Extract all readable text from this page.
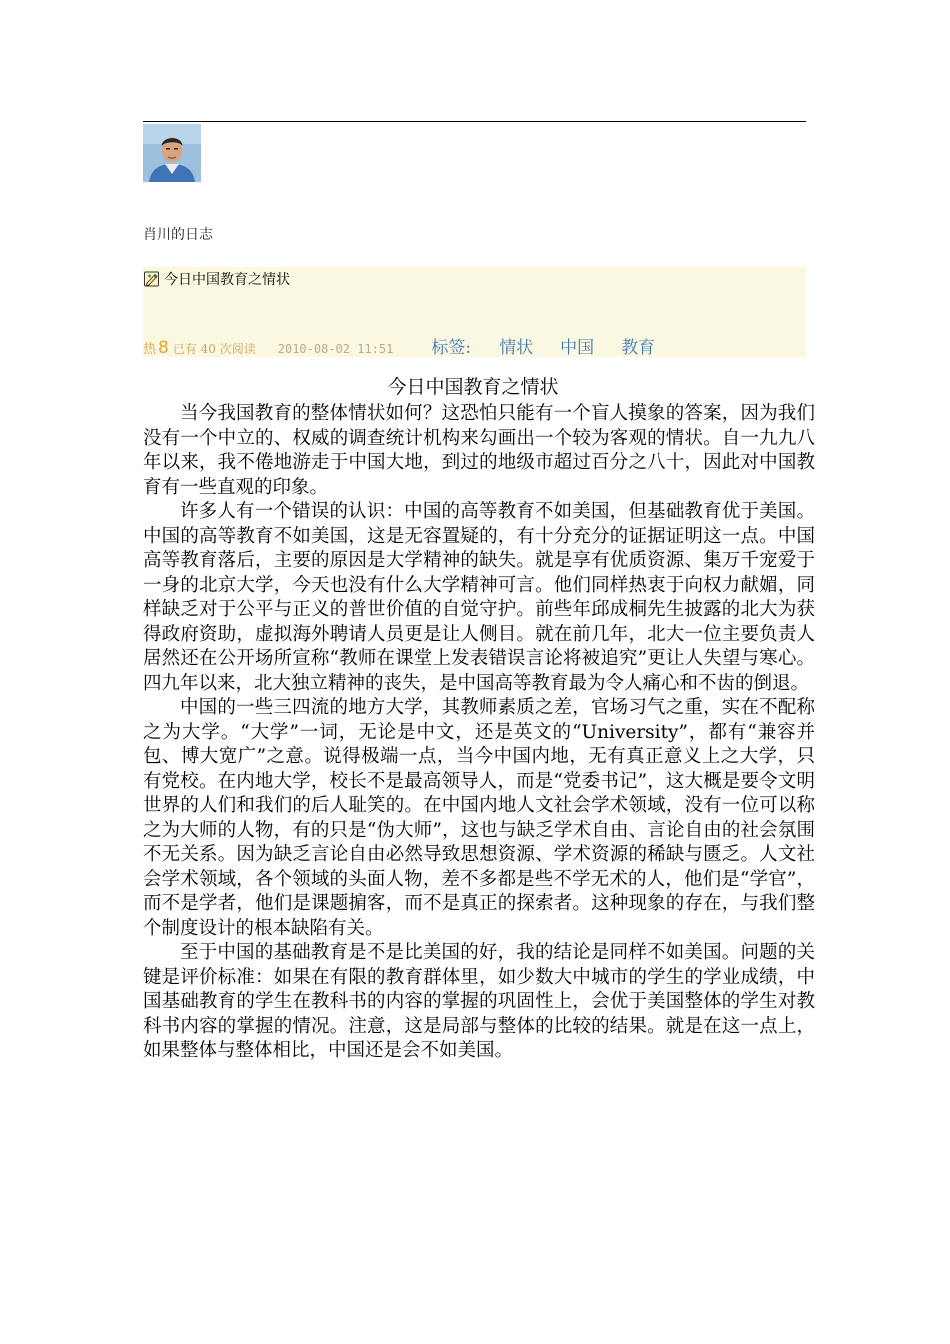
肖川的日志
今日中国教育之情状
热 8 已有 40 次阅读 2010-08-02 11:51 标签: 情状 中国 教育
今日中国教育之情状

当今我国教育的整体情状如何？这恐怕只能有一个盲人摸象的答案，因为我们没有一个中立的、权威的调查统计机构来勾画出一个较为客观的情状。自一九九八年以来，我不倦地游走于中国大地，到过的地级市超过百分之八十，因此对中国教育有一些直观的印象。

许多人有一个错误的认识：中国的高等教育不如美国，但基础教育优于美国。中国的高等教育不如美国，这是无容置疑的，有十分充分的证据证明这一点。中国高等教育落后，主要的原因是大学精神的缺失。就是享有优质资源、集万千宠爱于一身的北京大学，今天也没有什么大学精神可言。他们同样热衷于向权力献媚，同样缺乏对于公平与正义的普世价值的自觉守护。前些年邱成桐先生披露的北大为获得政府资助，虚拟海外聘请人员更是让人侧目。就在前几年，北大一位主要负责人居然还在公开场所宣称“教师在课堂上发表错误言论将被追究”更让人失望与寒心。四九年以来，北大独立精神的丧失，是中国高等教育最为令人痛心和不齿的倒退。

中国的一些三四流的地方大学，其教师素质之差，官场习气之重，实在不配称之为大学。“大学”一词，无论是中文，还是英文的“University”，都有“兼容并包、博大宽广”之意。说得极端一点，当今中国内地，无有真正意义上之大学，只有党校。在内地大学，校长不是最高领导人，而是“党委书记”，这大概是要令文明世界的人们和我们的后人耻笑的。在中国内地人文社会学术领域，没有一位可以称之为大师的人物，有的只是“伪大师”，这也与缺乏学术自由、言论自由的社会氛围不无关系。因为缺乏言论自由必然导致思想资源、学术资源的稀缺与匮乏。人文社会学术领域，各个领域的头面人物，差不多都是些不学无术的人，他们是“学官”，而不是学者，他们是课题掮客，而不是真正的探索者。这种现象的存在，与我们整个制度设计的根本缺陷有关。

至于中国的基础教育是不是比美国的好，我的结论是同样不如美国。问题的关键是评价标准：如果在有限的教育群体里，如少数大中城市的学生的学业成绩，中国基础教育的学生在教科书的内容的掌握的巩固性上，会优于美国整体的学生对教科书内容的掌握的情况。注意，这是局部与整体的比较的结果。就是在这一点上，如果整体与整体相比，中国还是会不如美国。
